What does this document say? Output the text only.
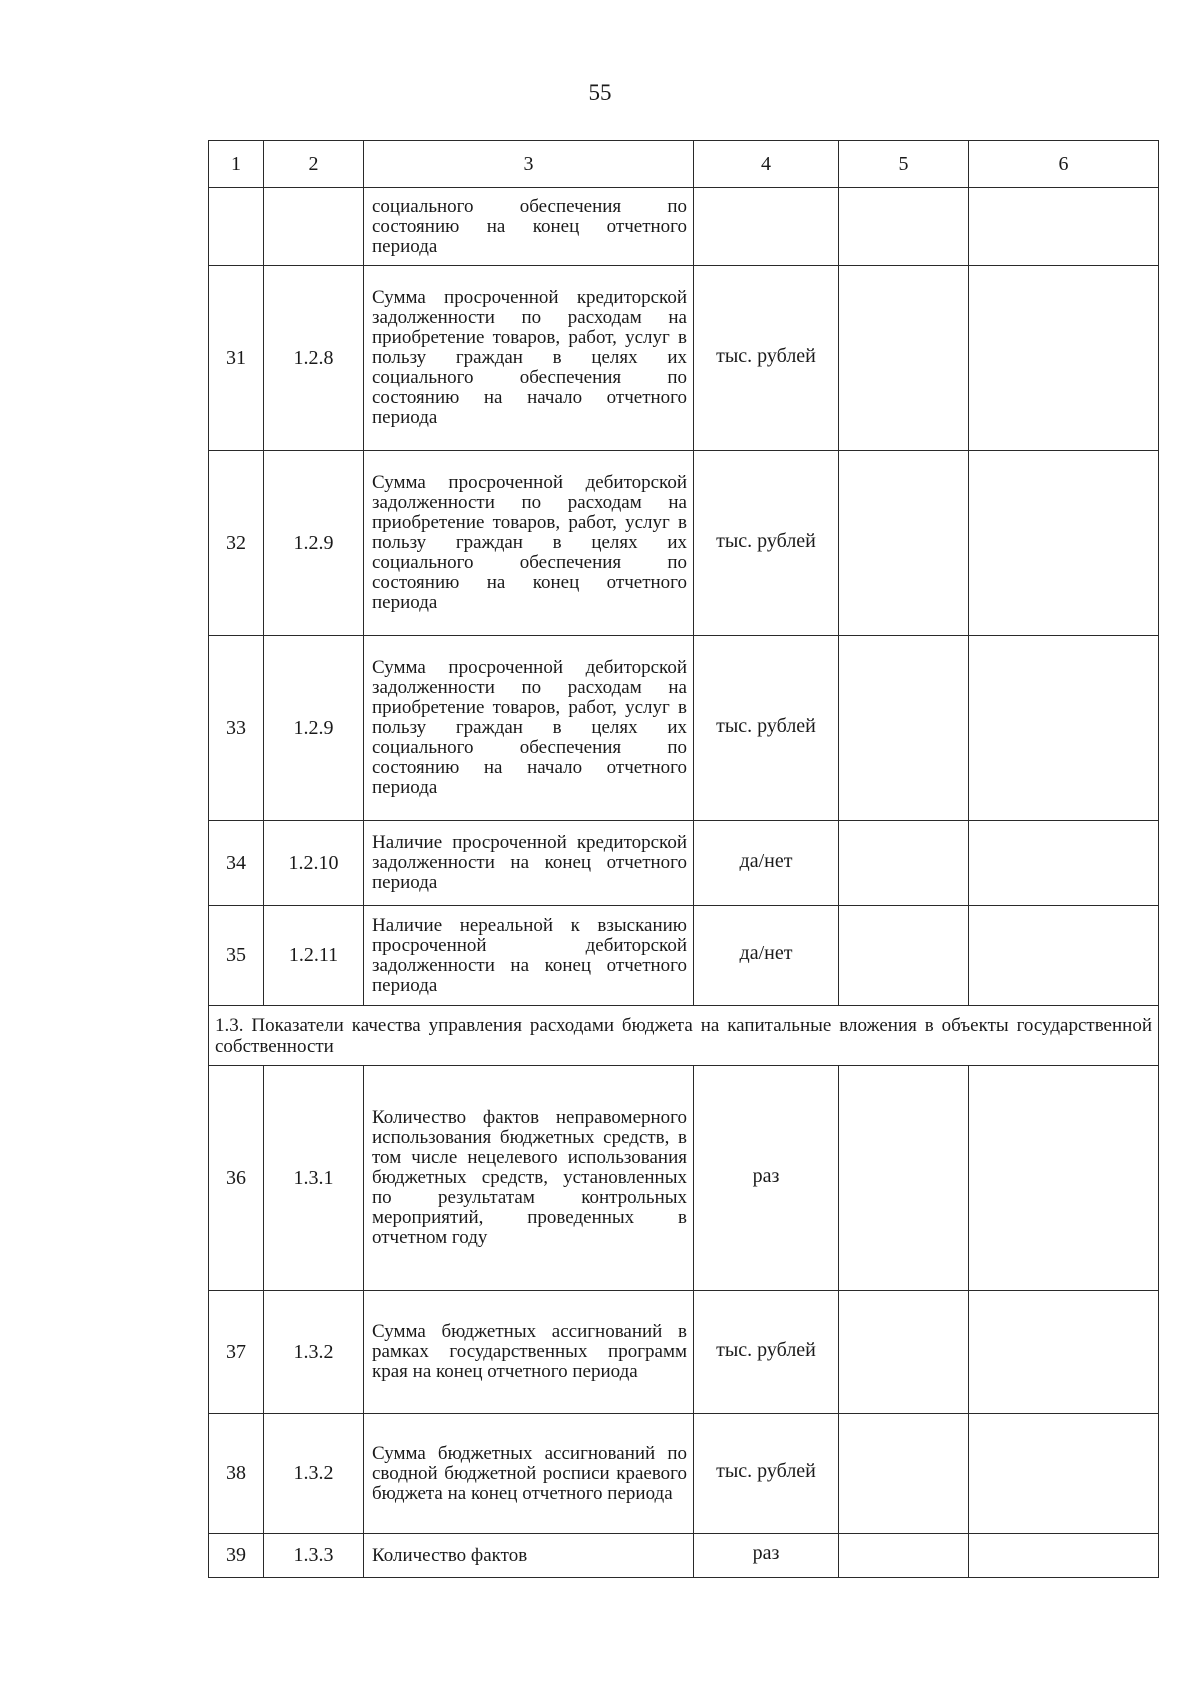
55
1	2	3	4	5	6
		социального обеспечения по состоянию на конец отчетного периода			
31	1.2.8	Сумма просроченной кредиторской задолженности по расходам на приобретение товаров, работ, услуг в пользу граждан в целях их социального обеспечения по состоянию на начало отчетного периода	тыс. рублей		
32	1.2.9	Сумма просроченной дебиторской задолженности по расходам на приобретение товаров, работ, услуг в пользу граждан в целях их социального обеспечения по состоянию на конец отчетного периода	тыс. рублей		
33	1.2.9	Сумма просроченной дебиторской задолженности по расходам на приобретение товаров, работ, услуг в пользу граждан в целях их социального обеспечения по состоянию на начало отчетного периода	тыс. рублей		
34	1.2.10	Наличие просроченной кредиторской задолженности на конец отчетного периода	да/нет		
35	1.2.11	Наличие нереальной к взысканию просроченной дебиторской задолженности на конец отчетного периода	да/нет		
1.3. Показатели качества управления расходами бюджета на капитальные вложения в объекты государственной собственности					
36	1.3.1	Количество фактов неправомерного использования бюджетных средств, в том числе нецелевого использования бюджетных средств, установленных по результатам контрольных мероприятий, проведенных в отчетном году	раз		
37	1.3.2	Сумма бюджетных ассигнований в рамках государственных программ края на конец отчетного периода	тыс. рублей		
38	1.3.2	Сумма бюджетных ассигнований по сводной бюджетной росписи краевого бюджета на конец отчетного периода	тыс. рублей		
39	1.3.3	Количество фактов	раз		
